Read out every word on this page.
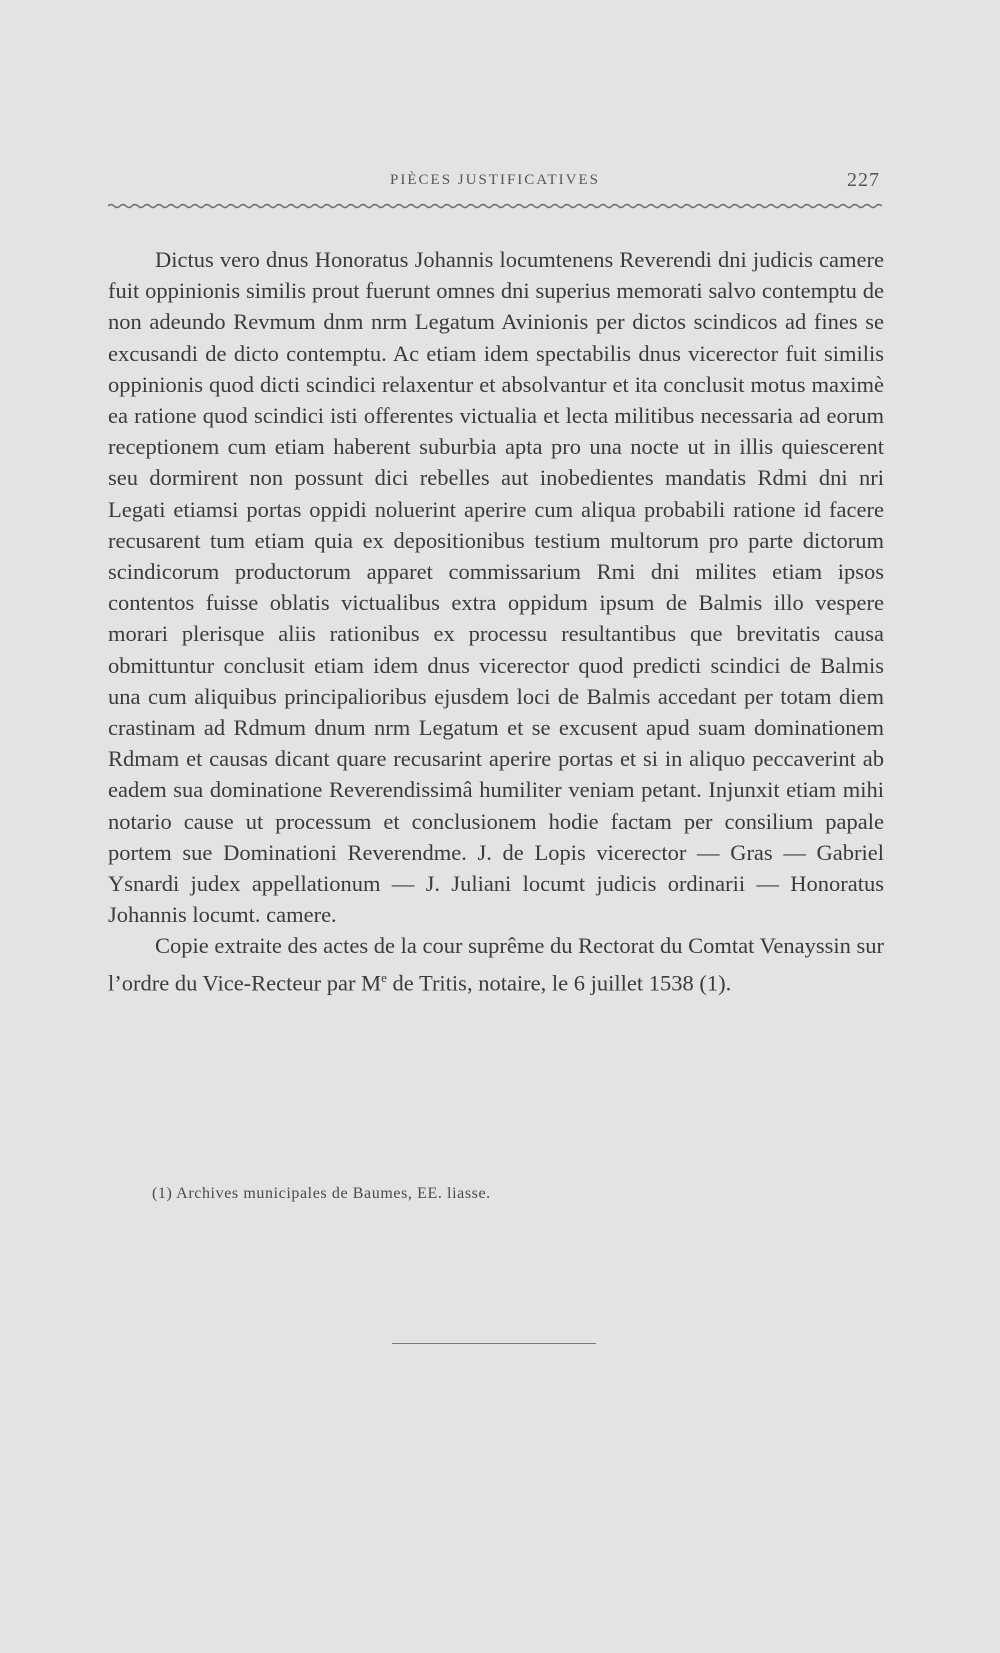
PIÈCES JUSTIFICATIVES	227

Dictus vero dnus Honoratus Johannis locumtenens Reverendi dni judicis camere fuit oppinionis similis prout fuerunt omnes dni superius memorati salvo contemptu de non adeundo Revmum dnm nrm Legatum Avinionis per dictos scindicos ad fines se excusandi de dicto contemptu. Ac etiam idem spectabilis dnus vicerector fuit similis oppinionis quod dicti scindici relaxentur et absolvantur et ita conclusit motus maximè ea ratione quod scindici isti offerentes victualia et lecta militibus necessaria ad eorum receptionem cum etiam haberent suburbia apta pro una nocte ut in illis quiescerent seu dormirent non possunt dici rebelles aut inobedientes mandatis Rdmi dni nri Legati etiamsi portas oppidi noluerint aperire cum aliqua probabili ratione id facere recusarent tum etiam quia ex depositionibus testium multorum pro parte dictorum scindicorum productorum apparet commissarium Rmi dni milites etiam ipsos contentos fuisse oblatis victualibus extra oppidum ipsum de Balmis illo vespere morari plerisque aliis rationibus ex processu resultantibus que brevitatis causa obmittuntur conclusit etiam idem dnus vicerector quod predicti scindici de Balmis una cum aliquibus principalioribus ejusdem loci de Balmis accedant per totam diem crastinam ad Rdmum dnum nrm Legatum et se excusent apud suam dominationem Rdmam et causas dicant quare recusarint aperire portas et si in aliquo peccaverint ab eadem sua dominatione Reverendissimâ humiliter veniam petant. Injunxit etiam mihi notario cause ut processum et conclusionem hodie factam per consilium papale portem sue Dominationi Reverendme. J. de Lopis vicerector — Gras — Gabriel Ysnardi judex appellationum — J. Juliani locumt judicis ordinarii — Honoratus Johannis locumt. camere.

Copie extraite des actes de la cour suprême du Rectorat du Comtat Venayssin sur l’ordre du Vice-Recteur par Me de Tritis, notaire, le 6 juillet 1538 (1).

(1) Archives municipales de Baumes, EE. liasse.
